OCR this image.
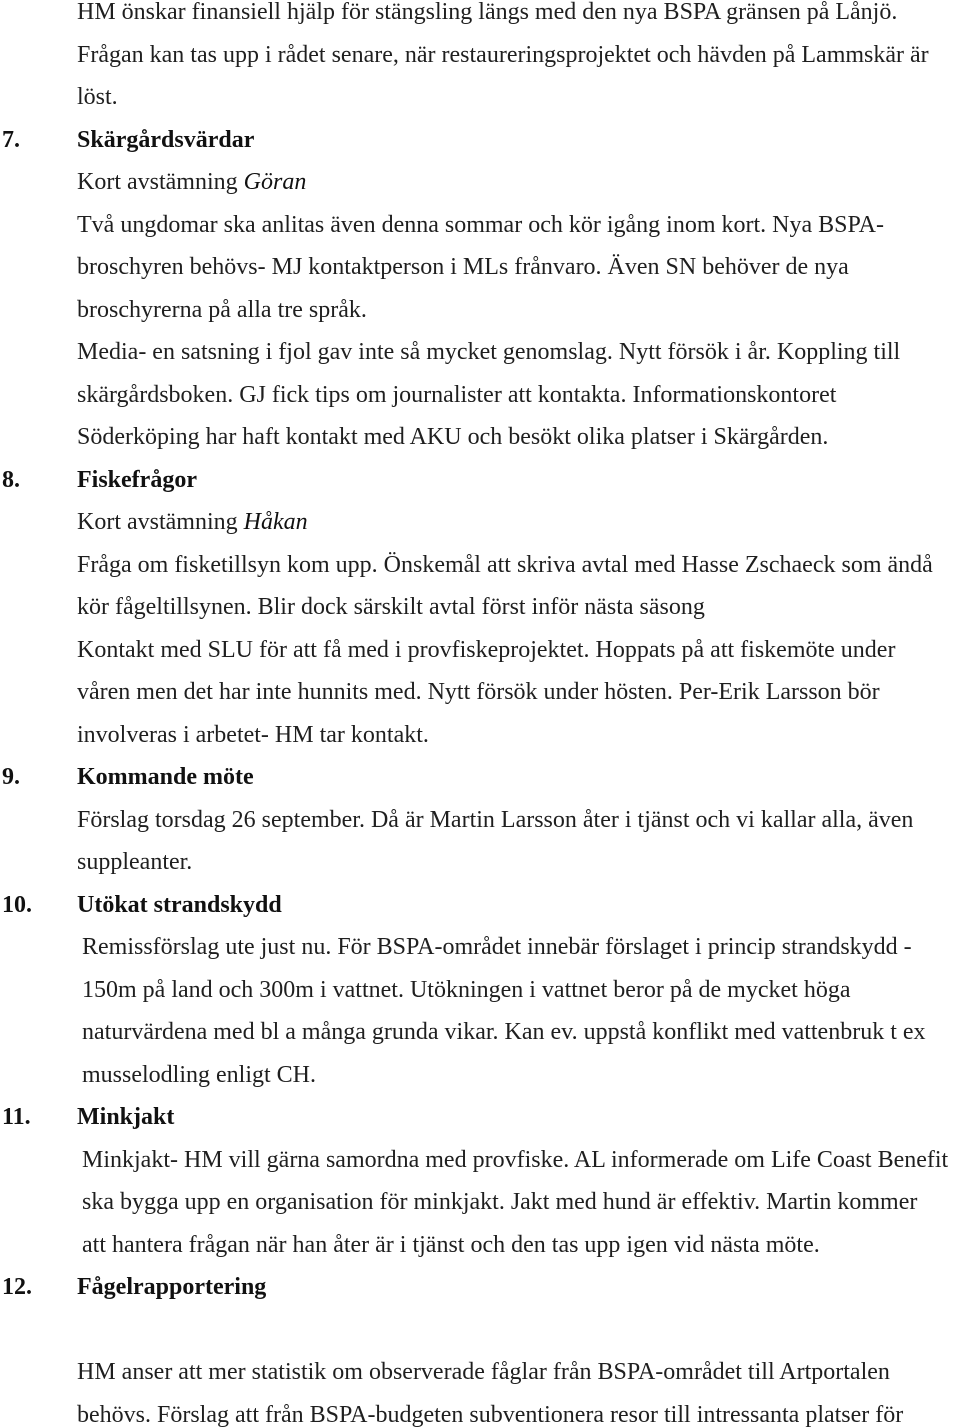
HM önskar finansiell hjälp för stängsling längs med den nya BSPA gränsen på Lånjö.
Frågan kan tas upp i rådet senare, när restaureringsprojektet och hävden på Lammskär är
löst.
7. Skärgårdsvärdar
Kort avstämning Göran
Två ungdomar ska anlitas även denna sommar och kör igång inom kort. Nya BSPA-
broschyren behövs- MJ kontaktperson i MLs frånvaro. Även SN behöver de nya
broschyrerna på alla tre språk.
Media- en satsning i fjol gav inte så mycket genomslag. Nytt försök i år. Koppling till
skärgårdsboken. GJ fick tips om journalister att kontakta. Informationskontoret
Söderköping har haft kontakt med AKU och besökt olika platser i Skärgården.
8. Fiskefrågor
Kort avstämning Håkan
Fråga om fisketillsyn kom upp. Önskemål att skriva avtal med Hasse Zschaeck som ändå
kör fågeltillsynen. Blir dock särskilt avtal först inför nästa säsong
Kontakt med SLU för att få med i provfiskeprojektet. Hoppats på att fiskemöte under
våren men det har inte hunnits med. Nytt försök under hösten. Per-Erik Larsson bör
involveras i arbetet- HM tar kontakt.
9. Kommande möte
Förslag torsdag 26 september. Då är Martin Larsson åter i tjänst och vi kallar alla, även
suppleanter.
10. Utökat strandskydd
Remissförslag ute just nu. För BSPA-området innebär förslaget i princip strandskydd -
150m på land och 300m i vattnet. Utökningen i vattnet beror på de mycket höga
naturvärdena med bl a många grunda vikar. Kan ev. uppstå konflikt med vattenbruk t ex
musselodling enligt CH.
11. Minkjakt
Minkjakt- HM vill gärna samordna med provfiske. AL informerade om Life Coast Benefit
ska bygga upp en organisation för minkjakt. Jakt med hund är effektiv. Martin kommer
att hantera frågan när han åter är i tjänst och den tas upp igen vid nästa möte.
12. Fågelrapportering
HM anser att mer statistik om observerade fåglar från BSPA-området till Artportalen
behövs. Förslag att från BSPA-budgeten subventionera resor till intressanta platser för
